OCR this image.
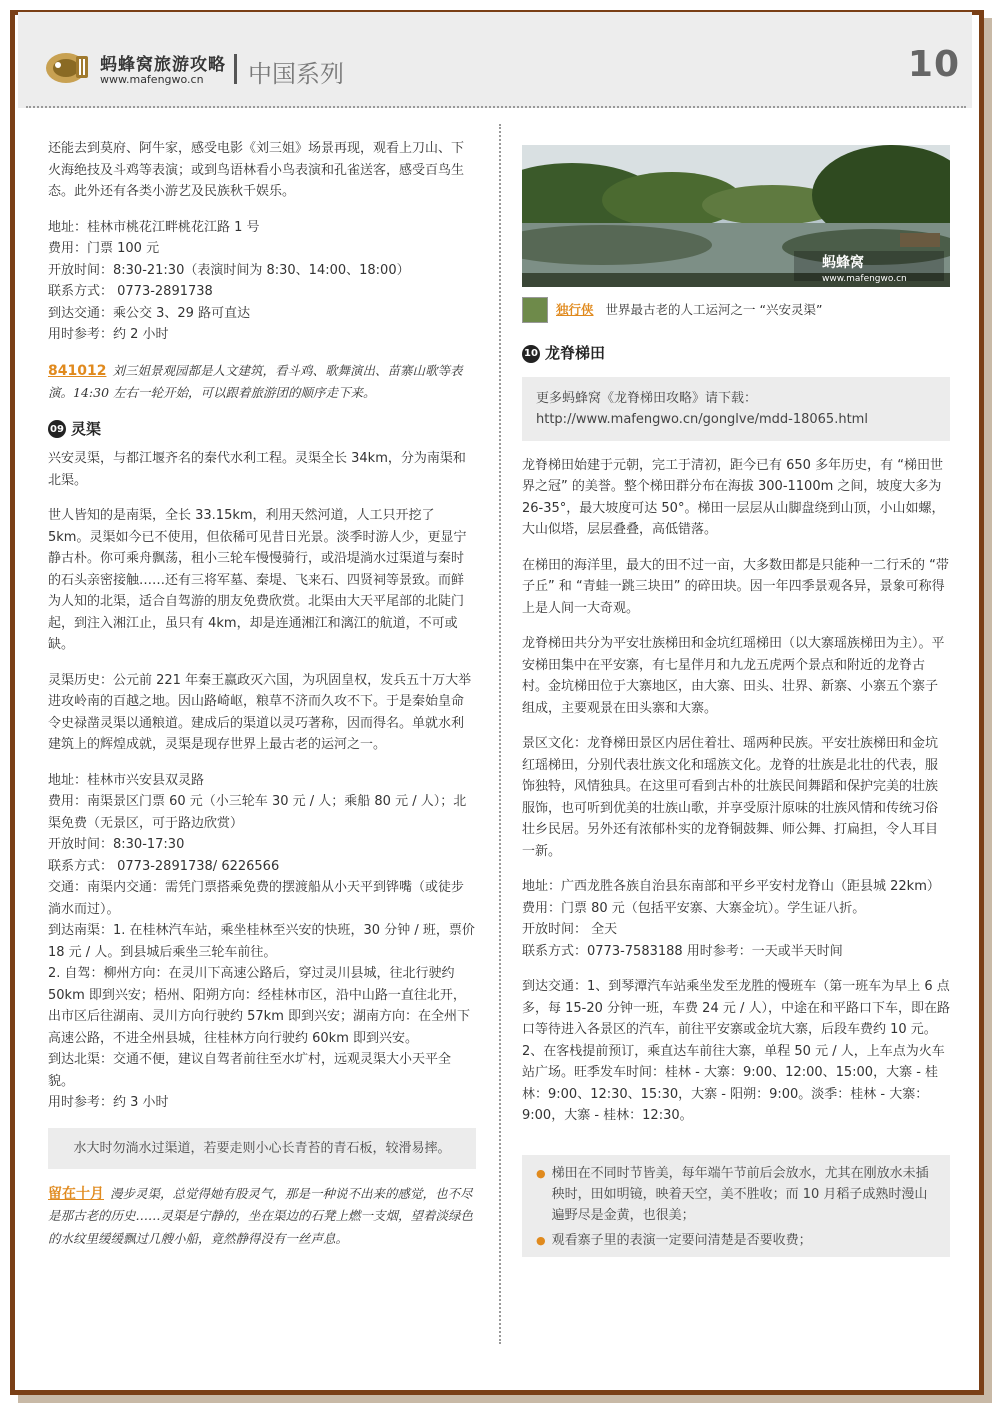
蚂蜂窝旅游攻略
www.mafengwo.cn 中国系列	10

还能去到莫府、阿牛家，感受电影《刘三姐》场景再现，观看上刀山、下火海绝技及斗鸡等表演；或到鸟语林看小鸟表演和孔雀送客，感受百鸟生态。此外还有各类小游艺及民族秋千娱乐。

地址：桂林市桃花江畔桃花江路 1 号

费用：门票 100 元

开放时间：8:30-21:30（表演时间为 8:30、14:00、18:00）

联系方式： 0773-2891738

到达交通：乘公交 3、29 路可直达

用时参考：约 2 小时

841012 刘三姐景观园都是人文建筑，看斗鸡、歌舞演出、苗寨山歌等表演。14:30 左右一轮开始，可以跟着旅游团的顺序走下来。

09 灵渠

兴安灵渠，与都江堰齐名的秦代水利工程。灵渠全长 34km，分为南渠和北渠。

世人皆知的是南渠，全长 33.15km，利用天然河道，人工只开挖了 5km。灵渠如今已不使用，但依稀可见昔日光景。淡季时游人少，更显宁静古朴。你可乘舟飘荡，租小三轮车慢慢骑行，或沿堤淌水过渠道与秦时的石头亲密接触……还有三将军墓、秦堤、飞来石、四贤祠等景致。而鲜为人知的北渠，适合自驾游的朋友免费欣赏。北渠由大天平尾部的北陡门起，到注入湘江止，虽只有 4km，却是连通湘江和漓江的航道，不可或缺。

灵渠历史：公元前 221 年秦王嬴政灭六国，为巩固皇权，发兵五十万大举进攻岭南的百越之地。因山路崎岖，粮草不济而久攻不下。于是秦始皇命令史禄凿灵渠以通粮道。建成后的渠道以灵巧著称，因而得名。单就水利建筑上的辉煌成就，灵渠是现存世界上最古老的运河之一。

地址：桂林市兴安县双灵路

费用：南渠景区门票 60 元（小三轮车 30 元 / 人；乘船 80 元 / 人）；北渠免费（无景区，可于路边欣赏）

开放时间：8:30-17:30

联系方式： 0773-2891738/ 6226566

交通：南渠内交通：需凭门票搭乘免费的摆渡船从小天平到铧嘴（或徒步淌水而过）。

到达南渠：1. 在桂林汽车站，乘坐桂林至兴安的快班，30 分钟 / 班，票价 18 元 / 人。到县城后乘坐三轮车前往。

2. 自驾：柳州方向：在灵川下高速公路后，穿过灵川县城，往北行驶约 50km 即到兴安；梧州、阳朔方向：经桂林市区，沿中山路一直往北开，出市区后往湖南、灵川方向行驶约 57km 即到兴安；湖南方向：在全州下高速公路，不进全州县城，往桂林方向行驶约 60km 即到兴安。

到达北渠：交通不便，建议自驾者前往至水圹村，远观灵渠大小天平全貌。

用时参考：约 3 小时

水大时勿淌水过渠道，若要走则小心长青苔的青石板，较滑易摔。

留在十月 漫步灵渠，总觉得她有股灵气，那是一种说不出来的感觉，也不尽是那古老的历史……灵渠是宁静的，坐在渠边的石凳上燃一支烟，望着淡绿色的水纹里缓缓飘过几艘小船，竟然静得没有一丝声息。

蚂蜂窝
www.mafengwo.cn
独行侠 世界最古老的人工运河之一 “兴安灵渠”

10 龙脊梯田

更多蚂蜂窝《龙脊梯田攻略》请下载：http://www.mafengwo.cn/gonglve/mdd-18065.html

龙脊梯田始建于元朝，完工于清初，距今已有 650 多年历史，有 “梯田世界之冠” 的美誉。整个梯田群分布在海拔 300-1100m 之间，坡度大多为 26-35°，最大坡度可达 50°。梯田一层层从山脚盘绕到山顶，小山如螺，大山似塔，层层叠叠，高低错落。

在梯田的海洋里，最大的田不过一亩，大多数田都是只能种一二行禾的 “带子丘” 和 “青蛙一跳三块田” 的碎田块。因一年四季景观各异，景象可称得上是人间一大奇观。

龙脊梯田共分为平安壮族梯田和金坑红瑶梯田（以大寨瑶族梯田为主）。平安梯田集中在平安寨，有七星伴月和九龙五虎两个景点和附近的龙脊古村。金坑梯田位于大寨地区，由大寨、田头、壮界、新寨、小寨五个寨子组成，主要观景在田头寨和大寨。

景区文化：龙脊梯田景区内居住着壮、瑶两种民族。平安壮族梯田和金坑红瑶梯田，分别代表壮族文化和瑶族文化。龙脊的壮族是北壮的代表，服饰独特，风情独具。在这里可看到古朴的壮族民间舞蹈和保护完美的壮族服饰，也可听到优美的壮族山歌，并享受原汁原味的壮族风情和传统习俗壮乡民居。另外还有浓郁朴实的龙脊铜鼓舞、师公舞、打扁担，令人耳目一新。

地址：广西龙胜各族自治县东南部和平乡平安村龙脊山（距县城 22km）

费用：门票 80 元（包括平安寨、大寨金坑）。学生证八折。

开放时间： 全天

联系方式：0773-7583188 用时参考：一天或半天时间

到达交通：1、到琴潭汽车站乘坐发至龙胜的慢班车（第一班车为早上 6 点多，每 15-20 分钟一班，车费 24 元 / 人），中途在和平路口下车，即在路口等待进入各景区的汽车，前往平安寨或金坑大寨，后段车费约 10 元。

2、在客栈提前预订，乘直达车前往大寨，单程 50 元 / 人，上车点为火车站广场。旺季发车时间：桂林 - 大寨：9:00、12:00、15:00，大寨 - 桂林：9:00、12:30、15:30，大寨 - 阳朔：9:00。淡季：桂林 - 大寨：9:00，大寨 - 桂林：12:30。

● 梯田在不同时节皆美，每年端午节前后会放水，尤其在刚放水未插秧时，田如明镜，映着天空，美不胜收；而 10 月稻子成熟时漫山遍野尽是金黄，也很美；
● 观看寨子里的表演一定要问清楚是否要收费；
